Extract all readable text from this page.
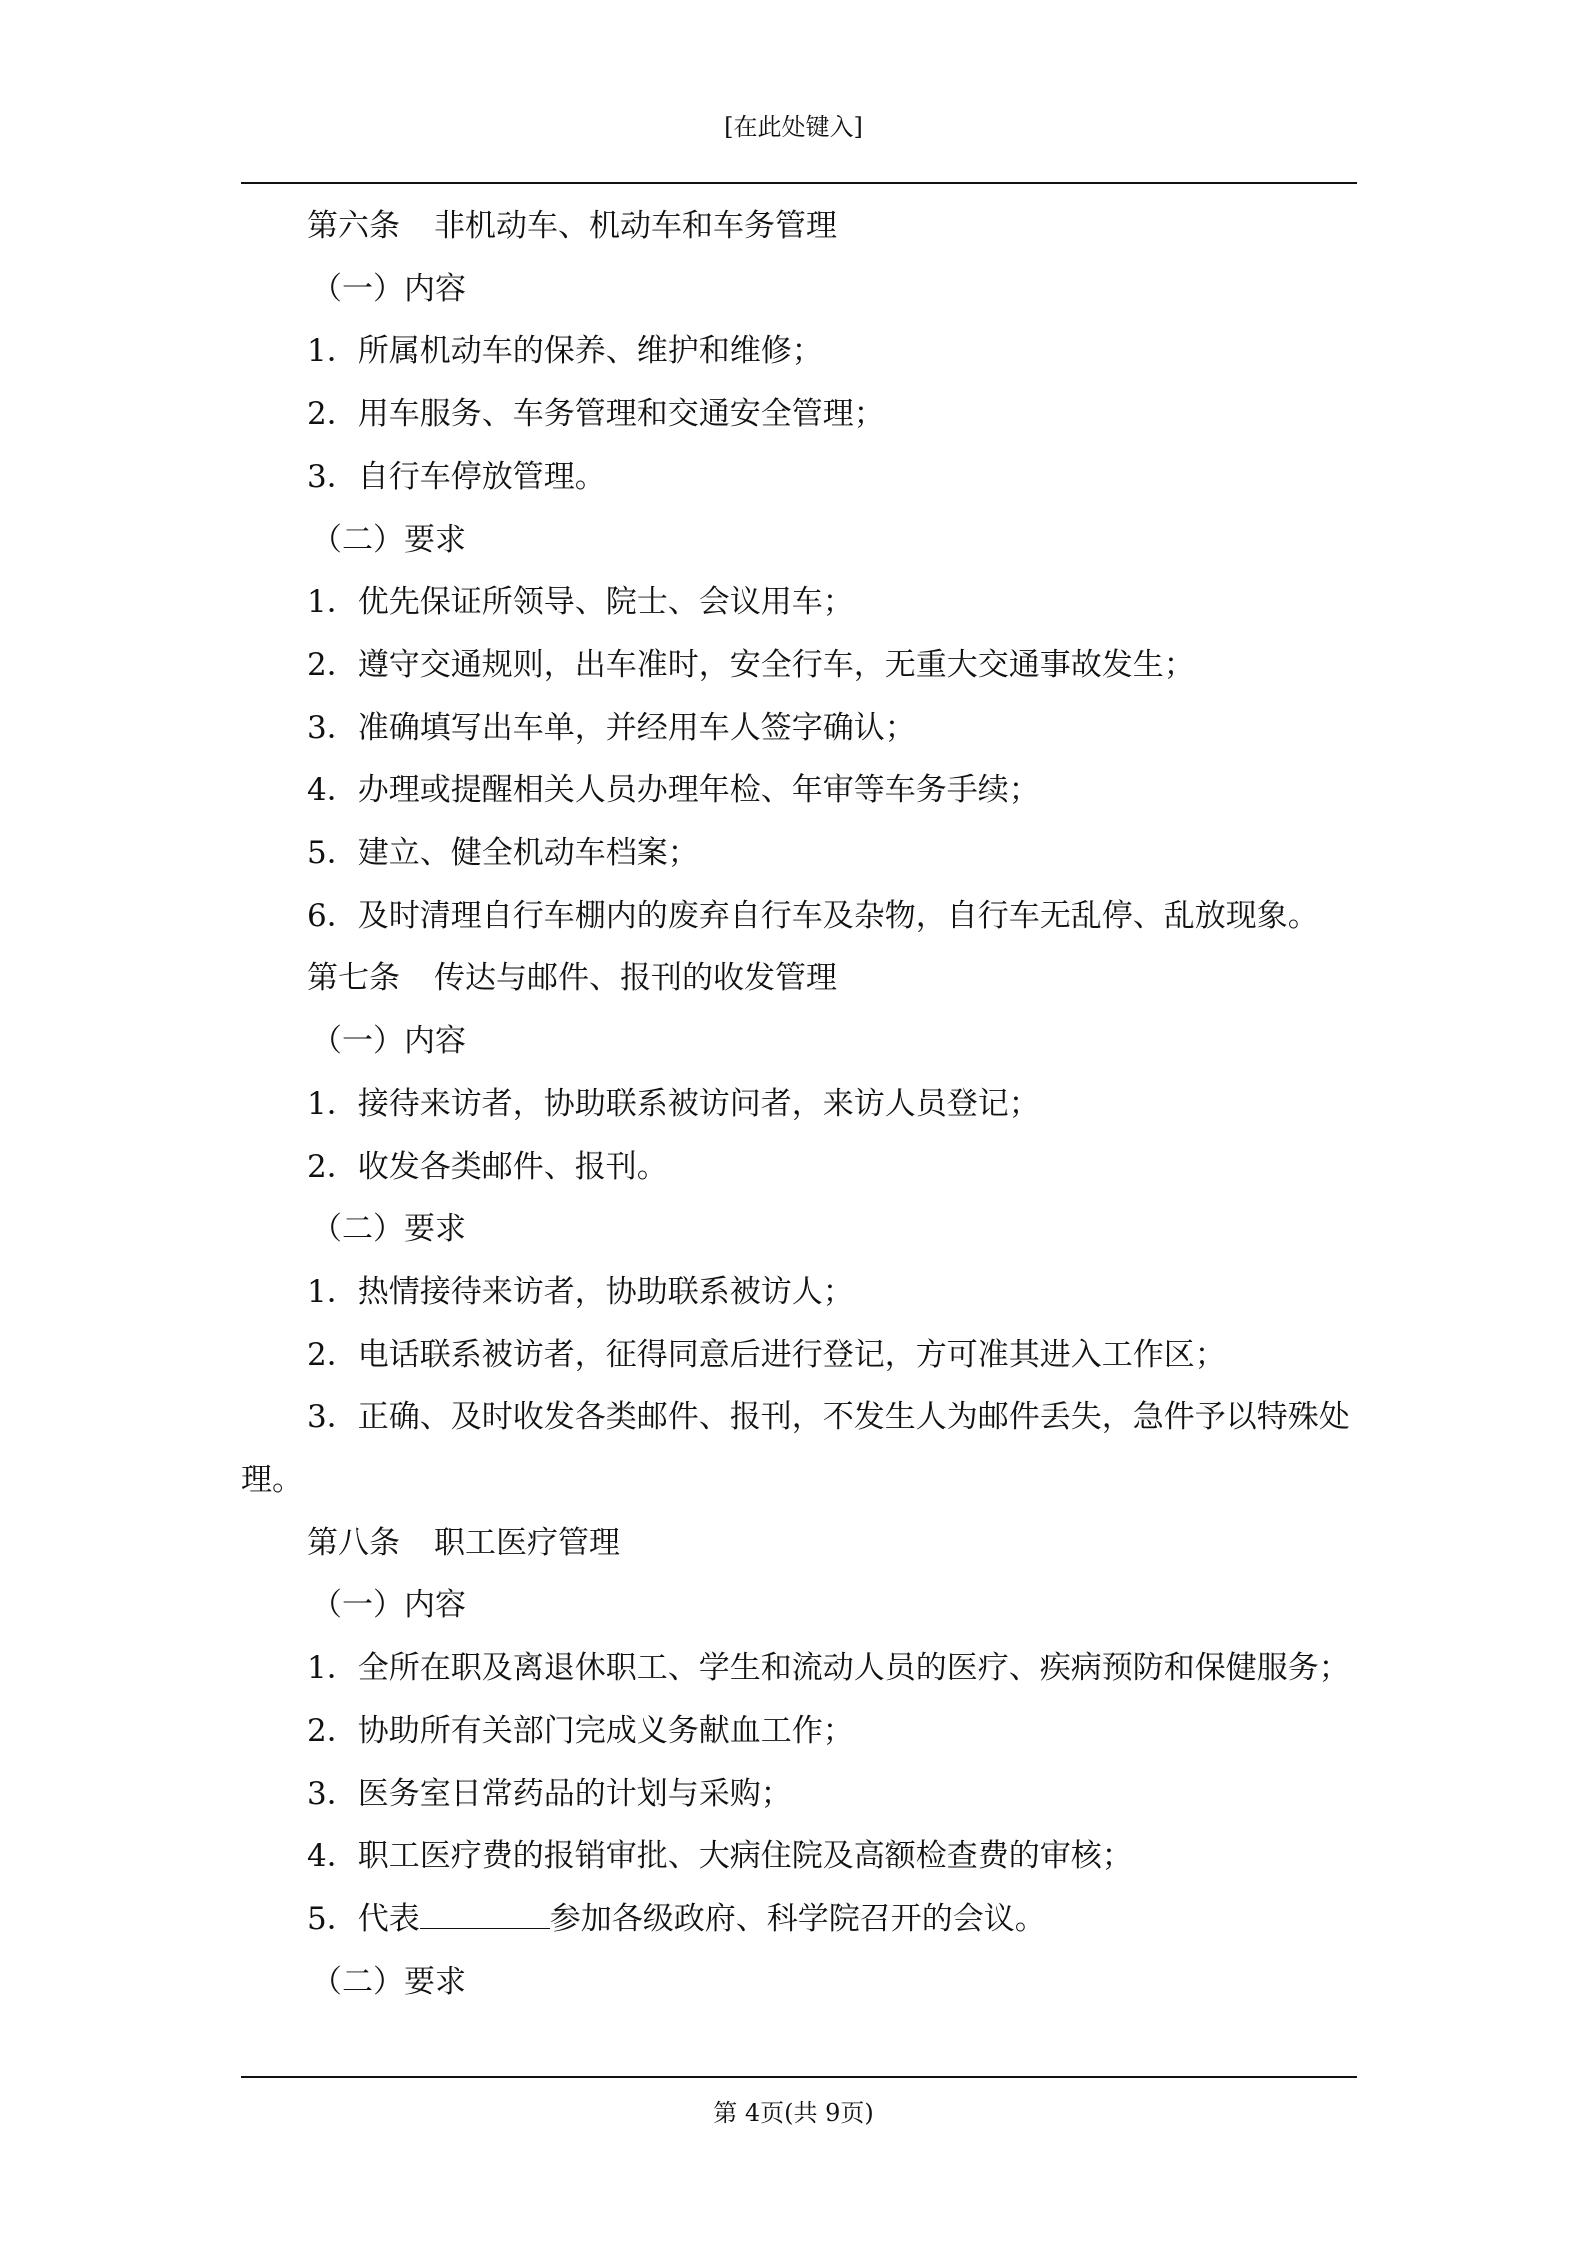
[在此处键入]

第六条 非机动车、机动车和车务管理

（一）内容

1．所属机动车的保养、维护和维修；

2．用车服务、车务管理和交通安全管理；

3．自行车停放管理。

（二）要求

1．优先保证所领导、院士、会议用车；

2．遵守交通规则，出车准时，安全行车，无重大交通事故发生；

3．准确填写出车单，并经用车人签字确认；

4．办理或提醒相关人员办理年检、年审等车务手续；

5．建立、健全机动车档案；

6．及时清理自行车棚内的废弃自行车及杂物，自行车无乱停、乱放现象。

第七条 传达与邮件、报刊的收发管理

（一）内容

1．接待来访者，协助联系被访问者，来访人员登记；

2．收发各类邮件、报刊。

（二）要求

1．热情接待来访者，协助联系被访人；

2．电话联系被访者，征得同意后进行登记，方可准其进入工作区；

3．正确、及时收发各类邮件、报刊，不发生人为邮件丢失，急件予以特殊处理。

第八条 职工医疗管理

（一）内容

1．全所在职及离退休职工、学生和流动人员的医疗、疾病预防和保健服务；

2．协助所有关部门完成义务献血工作；

3．医务室日常药品的计划与采购；

4．职工医疗费的报销审批、大病住院及高额检查费的审核；

5．代表	参加各级政府、科学院召开的会议。

（二）要求

第 4页(共 9页)
